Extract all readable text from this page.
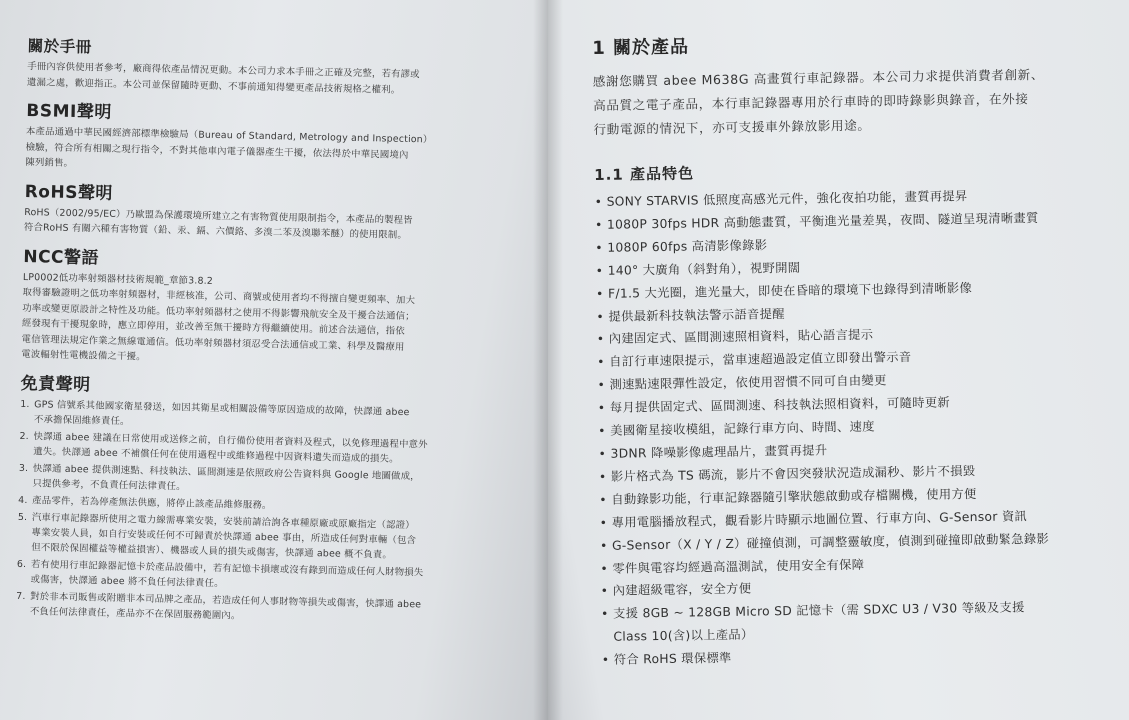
關於手冊
手冊內容供使用者參考，廠商得依產品情況更動。本公司力求本手冊之正確及完整，若有謬或
遺漏之處，歡迎指正。本公司並保留隨時更動、不事前通知得變更產品技術規格之權利。
BSMI聲明
本產品通過中華民國經濟部標準檢驗局（Bureau of Standard, Metrology and Inspection）
檢驗，符合所有相關之現行指令，不對其他車內電子儀器產生干擾，依法得於中華民國境內
陳列銷售。
RoHS聲明
RoHS（2002/95/EC）乃歐盟為保護環境所建立之有害物質使用限制指令，本產品的製程皆
符合RoHS 有關六種有害物質（鉛、汞、鎘、六價鉻、多溴二苯及溴聯苯醚）的使用限制。
NCC警語
LP0002低功率射頻器材技術規範_章節3.8.2
取得審驗證明之低功率射頻器材，非經核准，公司、商號或使用者均不得擅自變更頻率、加大
功率或變更原設計之特性及功能。低功率射頻器材之使用不得影響飛航安全及干擾合法通信；
經發現有干擾現象時，應立即停用，並改善至無干擾時方得繼續使用。前述合法通信，指依
電信管理法規定作業之無線電通信。低功率射頻器材須忍受合法通信或工業、科學及醫療用
電波輻射性電機設備之干擾。
免責聲明
1. GPS 信號系其他國家衛星發送，如因其衛星或相關設備等原因造成的故障，快譯通 abee
不承擔保固維修責任。
2. 快譯通 abee 建議在日常使用或送修之前，自行備份使用者資料及程式，以免修理過程中意外
遺失。快譯通 abee 不補償任何在使用過程中或維修過程中因資料遺失而造成的損失。
3. 快譯通 abee 提供測速點、科技執法、區間測速是依照政府公告資料與 Google 地圖做成，
只提供參考，不負責任何法律責任。
4. 產品零件，若為停產無法供應，將停止該產品維修服務。
5. 汽車行車記錄器所使用之電力線需專業安裝，安裝前請洽詢各車種原廠或原廠指定（認證）
專業安裝人員，如自行安裝或任何不可歸責於快譯通 abee 事由，所造成任何對車輛（包含
但不限於保固權益等權益損害）、機器或人員的損失或傷害，快譯通 abee 概不負責。
6. 若有使用行車記錄器記憶卡於產品設備中，若有記憶卡損壞或沒有錄到而造成任何人財物損失
或傷害，快譯通 abee 將不負任何法律責任。
7. 對於非本司販售或附贈非本司品牌之產品，若造成任何人事財物等損失或傷害，快譯通 abee
不負任何法律責任，產品亦不在保固服務範圍內。
1 關於產品
感謝您購買 abee M638G 高畫質行車記錄器。本公司力求提供消費者創新、
高品質之電子產品，本行車記錄器專用於行車時的即時錄影與錄音，在外接
行動電源的情況下，亦可支援車外錄放影用途。
1.1 產品特色
• SONY STARVIS 低照度高感光元件，強化夜拍功能，畫質再提昇
• 1080P 30fps HDR 高動態畫質，平衡進光量差異，夜間、隧道呈現清晰畫質
• 1080P 60fps 高清影像錄影
• 140° 大廣角（斜對角），視野開闊
• F/1.5 大光圈，進光量大，即使在昏暗的環境下也錄得到清晰影像
• 提供最新科技執法警示語音提醒
• 內建固定式、區間測速照相資料，貼心語言提示
• 自訂行車速限提示，當車速超過設定值立即發出警示音
• 測速點速限彈性設定，依使用習慣不同可自由變更
• 每月提供固定式、區間測速、科技執法照相資料，可隨時更新
• 美國衛星接收模組，記錄行車方向、時間、速度
• 3DNR 降噪影像處理晶片，畫質再提升
• 影片格式為 TS 碼流，影片不會因突發狀況造成漏秒、影片不損毀
• 自動錄影功能，行車記錄器隨引擎狀態啟動或存檔關機，使用方便
• 專用電腦播放程式，觀看影片時顯示地圖位置、行車方向、G-Sensor 資訊
• G-Sensor（X / Y / Z）碰撞偵測，可調整靈敏度，偵測到碰撞即啟動緊急錄影
• 零件與電容均經過高溫測試，使用安全有保障
• 內建超級電容，安全方便
• 支援 8GB ~ 128GB Micro SD 記憶卡（需 SDXC U3 / V30 等級及支援
Class 10(含)以上產品）
• 符合 RoHS 環保標準
